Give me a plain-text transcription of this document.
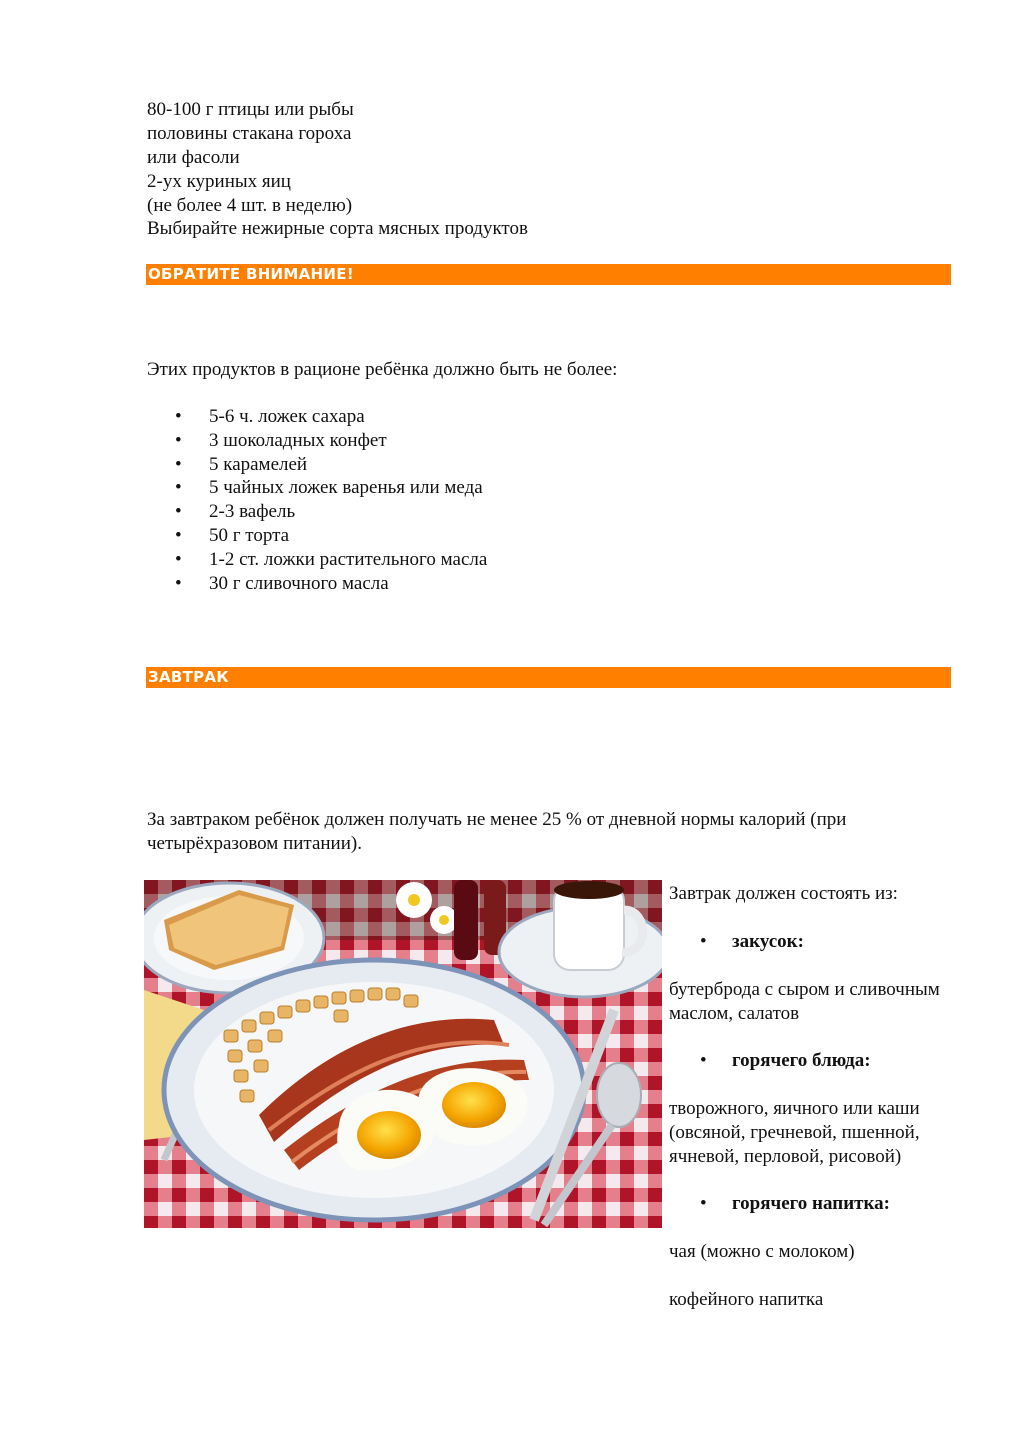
80-100 г птицы или рыбы
половины стакана гороха
или фасоли
2-ух куриных яиц
(не более 4 шт. в неделю)
Выбирайте нежирные сорта мясных продуктов
ОБРАТИТЕ ВНИМАНИЕ!
Этих продуктов в рационе ребёнка должно быть не более:
• 5-6 ч. ложек сахара
• 3 шоколадных конфет
• 5 карамелей
• 5 чайных ложек варенья или меда
• 2-3 вафель
• 50 г торта
• 1-2 ст. ложки растительного масла
• 30 г сливочного масла
ЗАВТРАК
За завтраком ребёнок должен получать не менее 25 % от дневной нормы калорий (при четырёхразовом питании).
Завтрак должен состоять из:
• закусок:
бутерброда с сыром и сливочным маслом, салатов
• горячего блюда:
творожного, яичного или каши (овсяной, гречневой, пшенной, ячневой, перловой, рисовой)
• горячего напитка:
чая (можно с молоком)
кофейного напитка
